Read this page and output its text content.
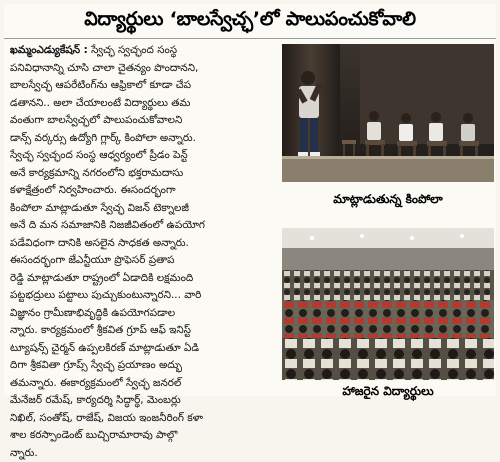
విద్యార్థులు ‘బాలస్వేచ్ఛ’లో పాలుపంచుకోవాలి
ఖమ్మంఎడ్యుకేషన్ : స్వేచ్ఛ స్వచ్ఛంద సంస్థ
పనివిధానాన్ని చూసి చాలా చైతన్యం పొందానని,
బాలస్వేచ్ఛ ఆపరేటింగ్‌ను ఆఫ్రికాలో కూడా చేప
డతానని.. అలా చేయాలంటే విద్యార్థులు తమ
వంతుగా బాలస్వేచ్ఛలో పాలుపంచుకోవాలని
డాన్స్ వర్కర్సు ఉద్యోగి గ్లార్క్ కింపోలా అన్నారు.
స్వేచ్ఛ స్వచ్ఛంద సంస్థ ఆధ్వర్యంలో ప్రీడం పెన్ట్
అనే కార్యక్రమాన్ని నగరంలోని భక్తరామదాసు
కళాక్షేత్రంలో నిర్వహించారు. ఈసందర్భంగా
కింపోలా మాట్లాడుతూ స్వేచ్ఛ విజన్ టెక్నాలజీ
అనే ది మన సమాజానికి నిజజీవితంలో ఉపయోగ
పడేవిధంగా దానికి అసలైన సాధకత అన్నారు.
ఈసందర్భంగా జేఎన్టీయూ ప్రొఫెసర్ ప్రతాప
రెడ్డి మాట్లాడుతూ రాష్ట్రంలో ఏడాదికి లక్షమంది
పట్టభద్రులు పట్టాలు పుచ్చుకుంటున్నారని... వారి
విజ్ఞానం గ్రామీణాభివృద్ధికి ఉపయోగపడాల
న్నారు. కార్యక్రమంలో శ్రీకవిత గ్రూప్ ఆఫ్ ఇనిస్ట్
ట్యూషన్స్ చైర్మన్ ఉప్పలకిరణ్ మాట్లాడుతూ ఏడి
దిగా శ్రీకవితా గ్రూప్స్ స్వేచ్ఛ ప్రయాణం అద్భు
తమన్నారు. ఈకార్యక్రమంలో స్వేచ్ఛ జనరల్
మేనేజర్ రమేష్, కార్యదర్శి సిద్ధార్థ్, మెంబర్లు
నిఖిల్, సంతోష్, రాజేష్, విజయ ఇంజనీరింగ్ కళా
శాల కరస్పాండెంట్ బుచ్చిరామారావు పాల్గొ
న్నారు.
మాట్లాడుతున్న కింపోలా
హాజరైన విద్యార్థులు
